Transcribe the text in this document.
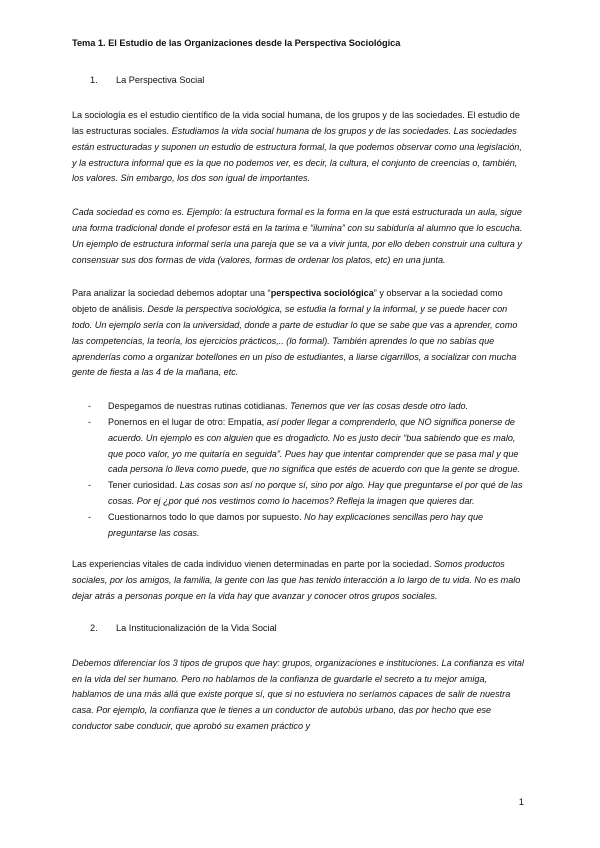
Tema 1. El Estudio de las Organizaciones desde la Perspectiva Sociológica
1.	La Perspectiva Social

La sociología es el estudio científico de la vida social humana, de los grupos y de las sociedades. El estudio de las estructuras sociales. Estudiamos la vida social humana de los grupos y de las sociedades. Las sociedades están estructuradas y suponen un estudio de estructura formal, la que podemos observar como una legislación, y la estructura informal que es la que no podemos ver, es decir, la cultura, el conjunto de creencias o, también, los valores. Sin embargo, los dos son igual de importantes.

Cada sociedad es como es. Ejemplo: la estructura formal es la forma en la que está estructurada un aula, sigue una forma tradicional donde el profesor está en la tarima e “ilumina” con su sabiduría al alumno que lo escucha. Un ejemplo de estructura informal sería una pareja que se va a vivir junta, por ello deben construir una cultura y consensuar sus dos formas de vida (valores, formas de ordenar los platos, etc) en una junta.

Para analizar la sociedad debemos adoptar una “perspectiva sociológica” y observar a la sociedad como objeto de análisis. Desde la perspectiva sociológica, se estudia la formal y la informal, y se puede hacer con todo. Un ejemplo sería con la universidad, donde a parte de estudiar lo que se sabe que vas a aprender, como las competencias, la teoría, los ejercicios prácticos,.. (lo formal). También aprendes lo que no sabías que aprenderías como a organizar botellones en un piso de estudiantes, a liarse cigarrillos, a socializar con mucha gente de fiesta a las 4 de la mañana, etc.

-	Despegamos de nuestras rutinas cotidianas. Tenemos que ver las cosas desde otro lado.
-	Ponernos en el lugar de otro: Empatía, así poder llegar a comprenderlo, que NO significa ponerse de acuerdo. Un ejemplo es con alguien que es drogadicto. No es justo decir “bua sabiendo que es malo, que poco valor, yo me quitaría en seguida”. Pues hay que intentar comprender que se pasa mal y que cada persona lo lleva como puede, que no significa que estés de acuerdo con que la gente se drogue.
-	Tener curiosidad. Las cosas son así no porque sí, sino por algo. Hay que preguntarse el por qué de las cosas. Por ej ¿por qué nos vestimos como lo hacemos? Refleja la imagen que quieres dar.
-	Cuestionarnos todo lo que damos por supuesto. No hay explicaciones sencillas pero hay que preguntarse las cosas.

Las experiencias vitales de cada individuo vienen determinadas en parte por la sociedad. Somos productos sociales, por los amigos, la familia, la gente con las que has tenido interacción a lo largo de tu vida. No es malo dejar atrás a personas porque en la vida hay que avanzar y conocer otros grupos sociales.

2.	La Institucionalización de la Vida Social

Debemos diferenciar los 3 tipos de grupos que hay: grupos, organizaciones e instituciones. La confianza es vital en la vida del ser humano. Pero no hablamos de la confianza de guardarle el secreto a tu mejor amiga, hablamos de una más allá que existe porque sí, que si no estuviera no seríamos capaces de salir de nuestra casa. Por ejemplo, la confianza que le tienes a un conductor de autobús urbano, das por hecho que ese conductor sabe conducir, que aprobó su examen práctico y

1
